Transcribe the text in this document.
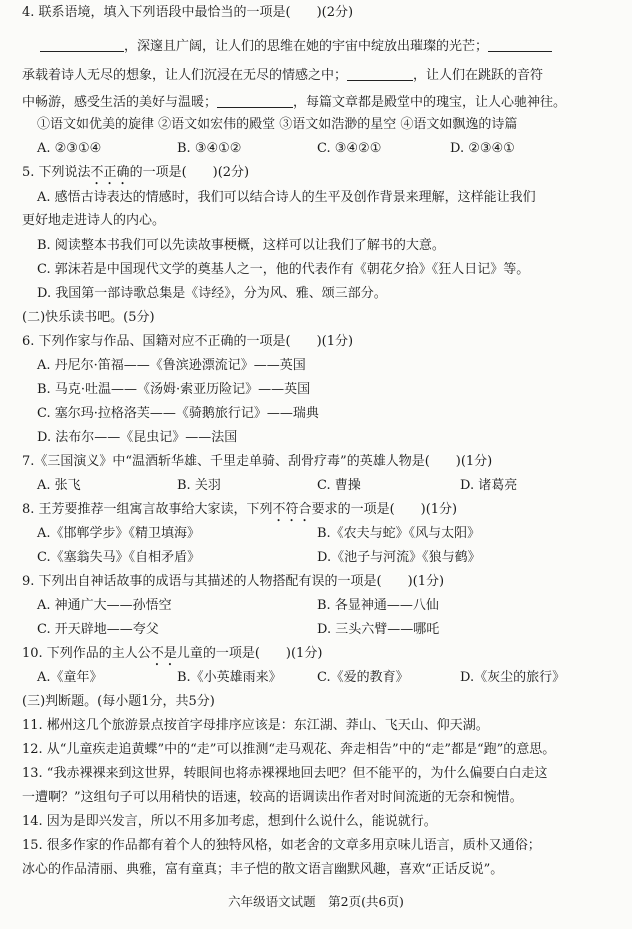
4. 联系语境，填入下列语段中最恰当的一项是(　　)(2分)
，深邃且广阔，让人们的思维在她的宇宙中绽放出璀璨的光芒；
承载着诗人无尽的想象，让人们沉浸在无尽的情感之中；	，让人们在跳跃的音符
中畅游，感受生活的美好与温暖；	，每篇文章都是殿堂中的瑰宝，让人心驰神往。
①语文如优美的旋律 ②语文如宏伟的殿堂 ③语文如浩渺的星空 ④语文如飘逸的诗篇
A. ②③①④	B. ③④①②	C. ③④②①	D. ②③④①
5. 下列说法不正确的一项是(　　)(2分)
A. 感悟古诗表达的情感时，我们可以结合诗人的生平及创作背景来理解，这样能让我们
更好地走进诗人的内心。
B. 阅读整本书我们可以先读故事梗概，这样可以让我们了解书的大意。
C. 郭沫若是中国现代文学的奠基人之一，他的代表作有《朝花夕拾》《狂人日记》等。
D. 我国第一部诗歌总集是《诗经》，分为风、雅、颂三部分。
(二)快乐读书吧。(5分)
6. 下列作家与作品、国籍对应不正确的一项是(　　)(1分)
A. 丹尼尔·笛福——《鲁滨逊漂流记》——英国
B. 马克·吐温——《汤姆·索亚历险记》——英国
C. 塞尔玛·拉格洛芙——《骑鹅旅行记》——瑞典
D. 法布尔——《昆虫记》——法国
7.《三国演义》中“温酒斩华雄、千里走单骑、刮骨疗毒”的英雄人物是(　　)(1分)
A. 张飞	B. 关羽	C. 曹操	D. 诸葛亮
8. 王芳要推荐一组寓言故事给大家读，下列不符合要求的一项是(　　)(1分)
A.《邯郸学步》《精卫填海》	B.《农夫与蛇》《风与太阳》
C.《塞翁失马》《自相矛盾》	D.《池子与河流》《狼与鹤》
9. 下列出自神话故事的成语与其描述的人物搭配有误的一项是(　　)(1分)
A. 神通广大——孙悟空	B. 各显神通——八仙
C. 开天辟地——夸父	D. 三头六臂——哪吒
10. 下列作品的主人公不是儿童的一项是(　　)(1分)
A.《童年》	B.《小英雄雨来》	C.《爱的教育》	D.《灰尘的旅行》
(三)判断题。(每小题1分，共5分)
11. 郴州这几个旅游景点按首字母排序应该是：东江湖、莽山、飞天山、仰天湖。
12. 从“儿童疾走追黄蝶”中的“走”可以推测“走马观花、奔走相告”中的“走”都是“跑”的意思。
13. “我赤裸裸来到这世界，转眼间也将赤裸裸地回去吧？但不能平的，为什么偏要白白走这
一遭啊？”这组句子可以用稍快的语速，较高的语调读出作者对时间流逝的无奈和惋惜。
14. 因为是即兴发言，所以不用多加考虑，想到什么说什么，能说就行。
15. 很多作家的作品都有着个人的独特风格，如老舍的文章多用京味儿语言，质朴又通俗；
冰心的作品清丽、典雅，富有童真；丰子恺的散文语言幽默风趣，喜欢“正话反说”。
六年级语文试题　第2页(共6页)
